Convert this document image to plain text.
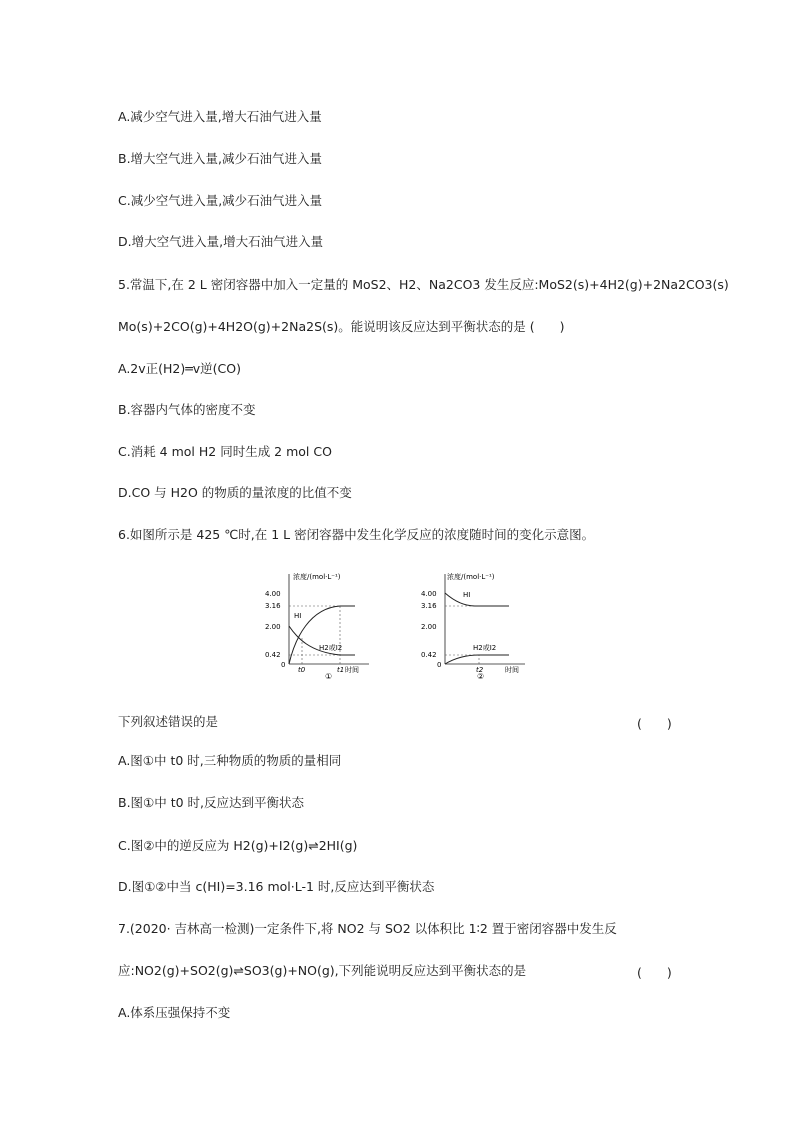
A.减少空气进入量,增大石油气进入量
B.增大空气进入量,减少石油气进入量
C.减少空气进入量,减少石油气进入量
D.增大空气进入量,增大石油气进入量
5.常温下,在 2 L 密闭容器中加入一定量的 MoS2、H2、Na2CO3 发生反应:MoS2(s)+4H2(g)+2Na2CO3(s)
Mo(s)+2CO(g)+4H2O(g)+2Na2S(s)。能说明该反应达到平衡状态的是 (　　)
A.2v正(H2)═v逆(CO)
B.容器内气体的密度不变
C.消耗 4 mol H2 同时生成 2 mol CO
D.CO 与 H2O 的物质的量浓度的比值不变
6.如图所示是 425 ℃时,在 1 L 密闭容器中发生化学反应的浓度随时间的变化示意图。
浓度/(mol·L⁻¹)
4.00
3.16
2.00
0.42
0
HI
H2或I2
t0	t1 时间
①
浓度/(mol·L⁻¹)
4.00
3.16
2.00
0.42
0
HI
H2或I2
t2	时间
②
下列叙述错误的是	(　　)
A.图①中 t0 时,三种物质的物质的量相同
B.图①中 t0 时,反应达到平衡状态
C.图②中的逆反应为 H2(g)+I2(g)⇌2HI(g)
D.图①②中当 c(HI)=3.16 mol·L-1 时,反应达到平衡状态
7.(2020· 吉林高一检测)一定条件下,将 NO2 与 SO2 以体积比 1∶2 置于密闭容器中发生反
应:NO2(g)+SO2(g)⇌SO3(g)+NO(g),下列能说明反应达到平衡状态的是	(　　)
A.体系压强保持不变
